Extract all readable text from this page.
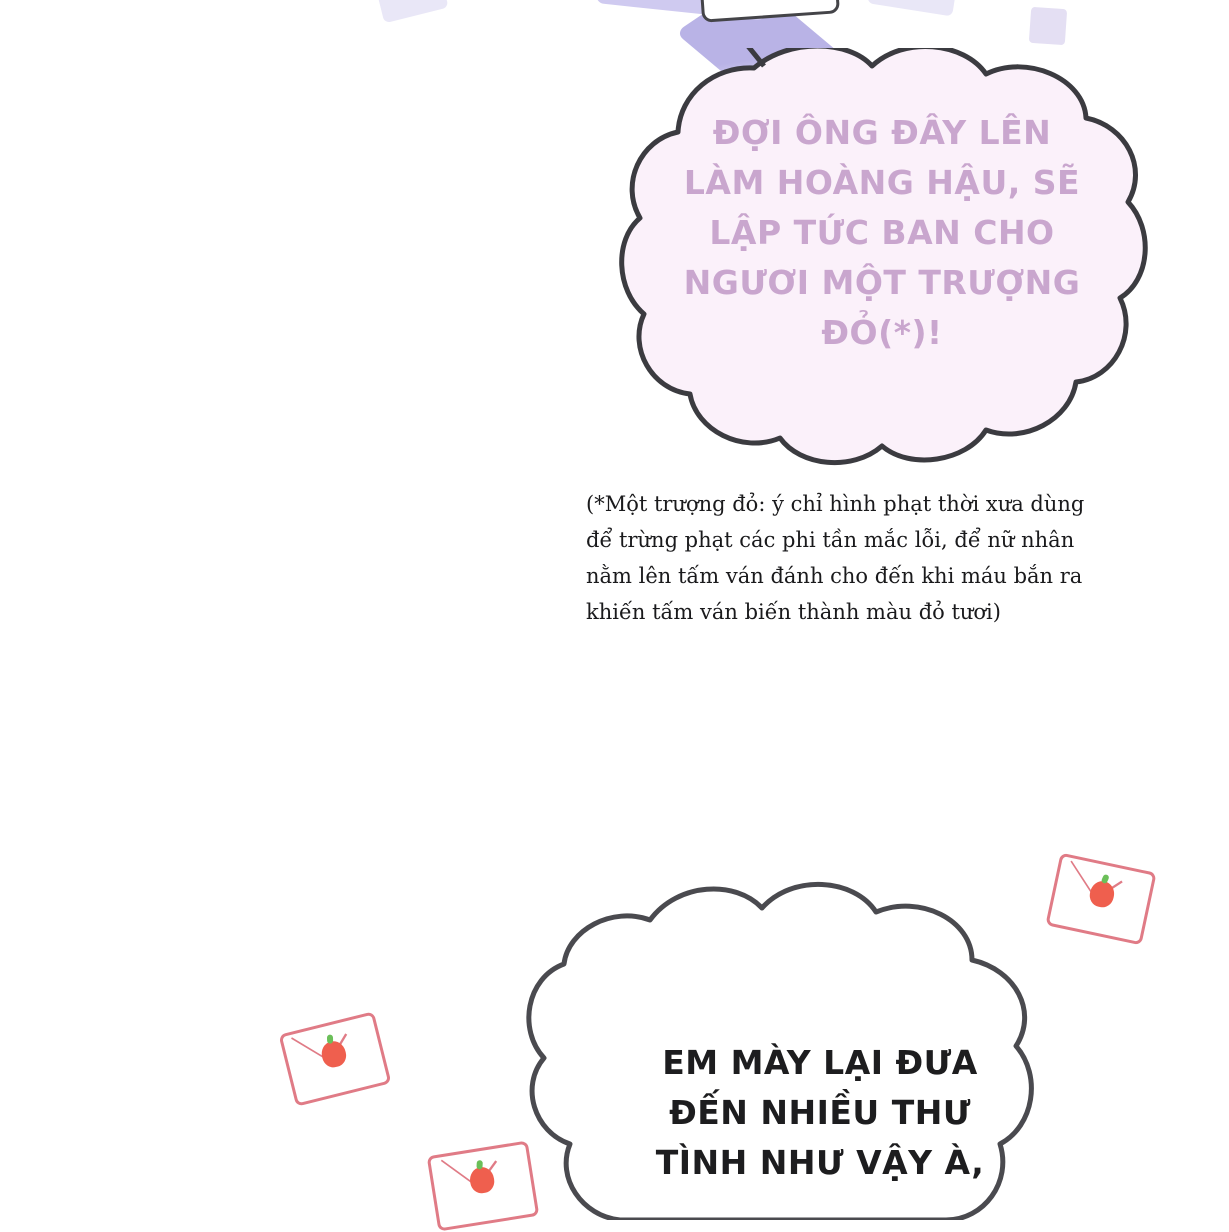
ĐỢI ÔNG ĐÂY LÊN LÀM HOÀNG HẬU, SẼ LẬP TỨC BAN CHO NGƯƠI MỘT TRƯỢNG ĐỎ(*)!
(*Một trượng đỏ: ý chỉ hình phạt thời xưa dùng để trừng phạt các phi tần mắc lỗi, để nữ nhân nằm lên tấm ván đánh cho đến khi máu bắn ra khiến tấm ván biến thành màu đỏ tươi)
EM MÀY LẠI ĐƯA ĐẾN NHIỀU THƯ TÌNH NHƯ VẬY À,
